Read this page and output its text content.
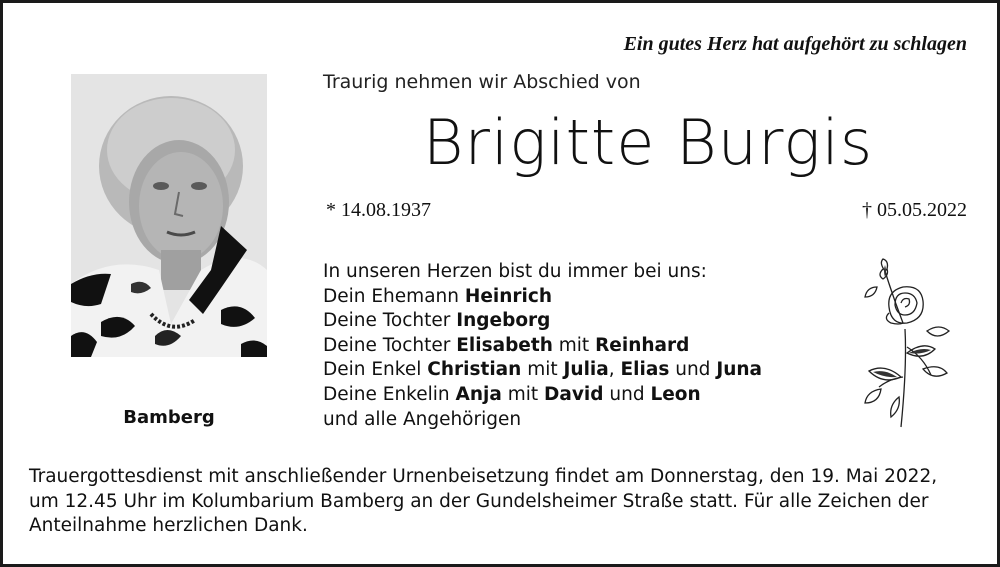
Ein gutes Herz hat aufgehört zu schlagen
Bamberg
Traurig nehmen wir Abschied von
Brigitte Burgis
* 14.08.1937	† 05.05.2022
In unseren Herzen bist du immer bei uns:
Dein Ehemann Heinrich
Deine Tochter Ingeborg
Deine Tochter Elisabeth mit Reinhard
Dein Enkel Christian mit Julia, Elias und Juna
Deine Enkelin Anja mit David und Leon
und alle Angehörigen
Trauergottesdienst mit anschließender Urnenbeisetzung findet am Donnerstag, den 19. Mai 2022,
um 12.45 Uhr im Kolumbarium Bamberg an der Gundelsheimer Straße statt. Für alle Zeichen der
Anteilnahme herzlichen Dank.
